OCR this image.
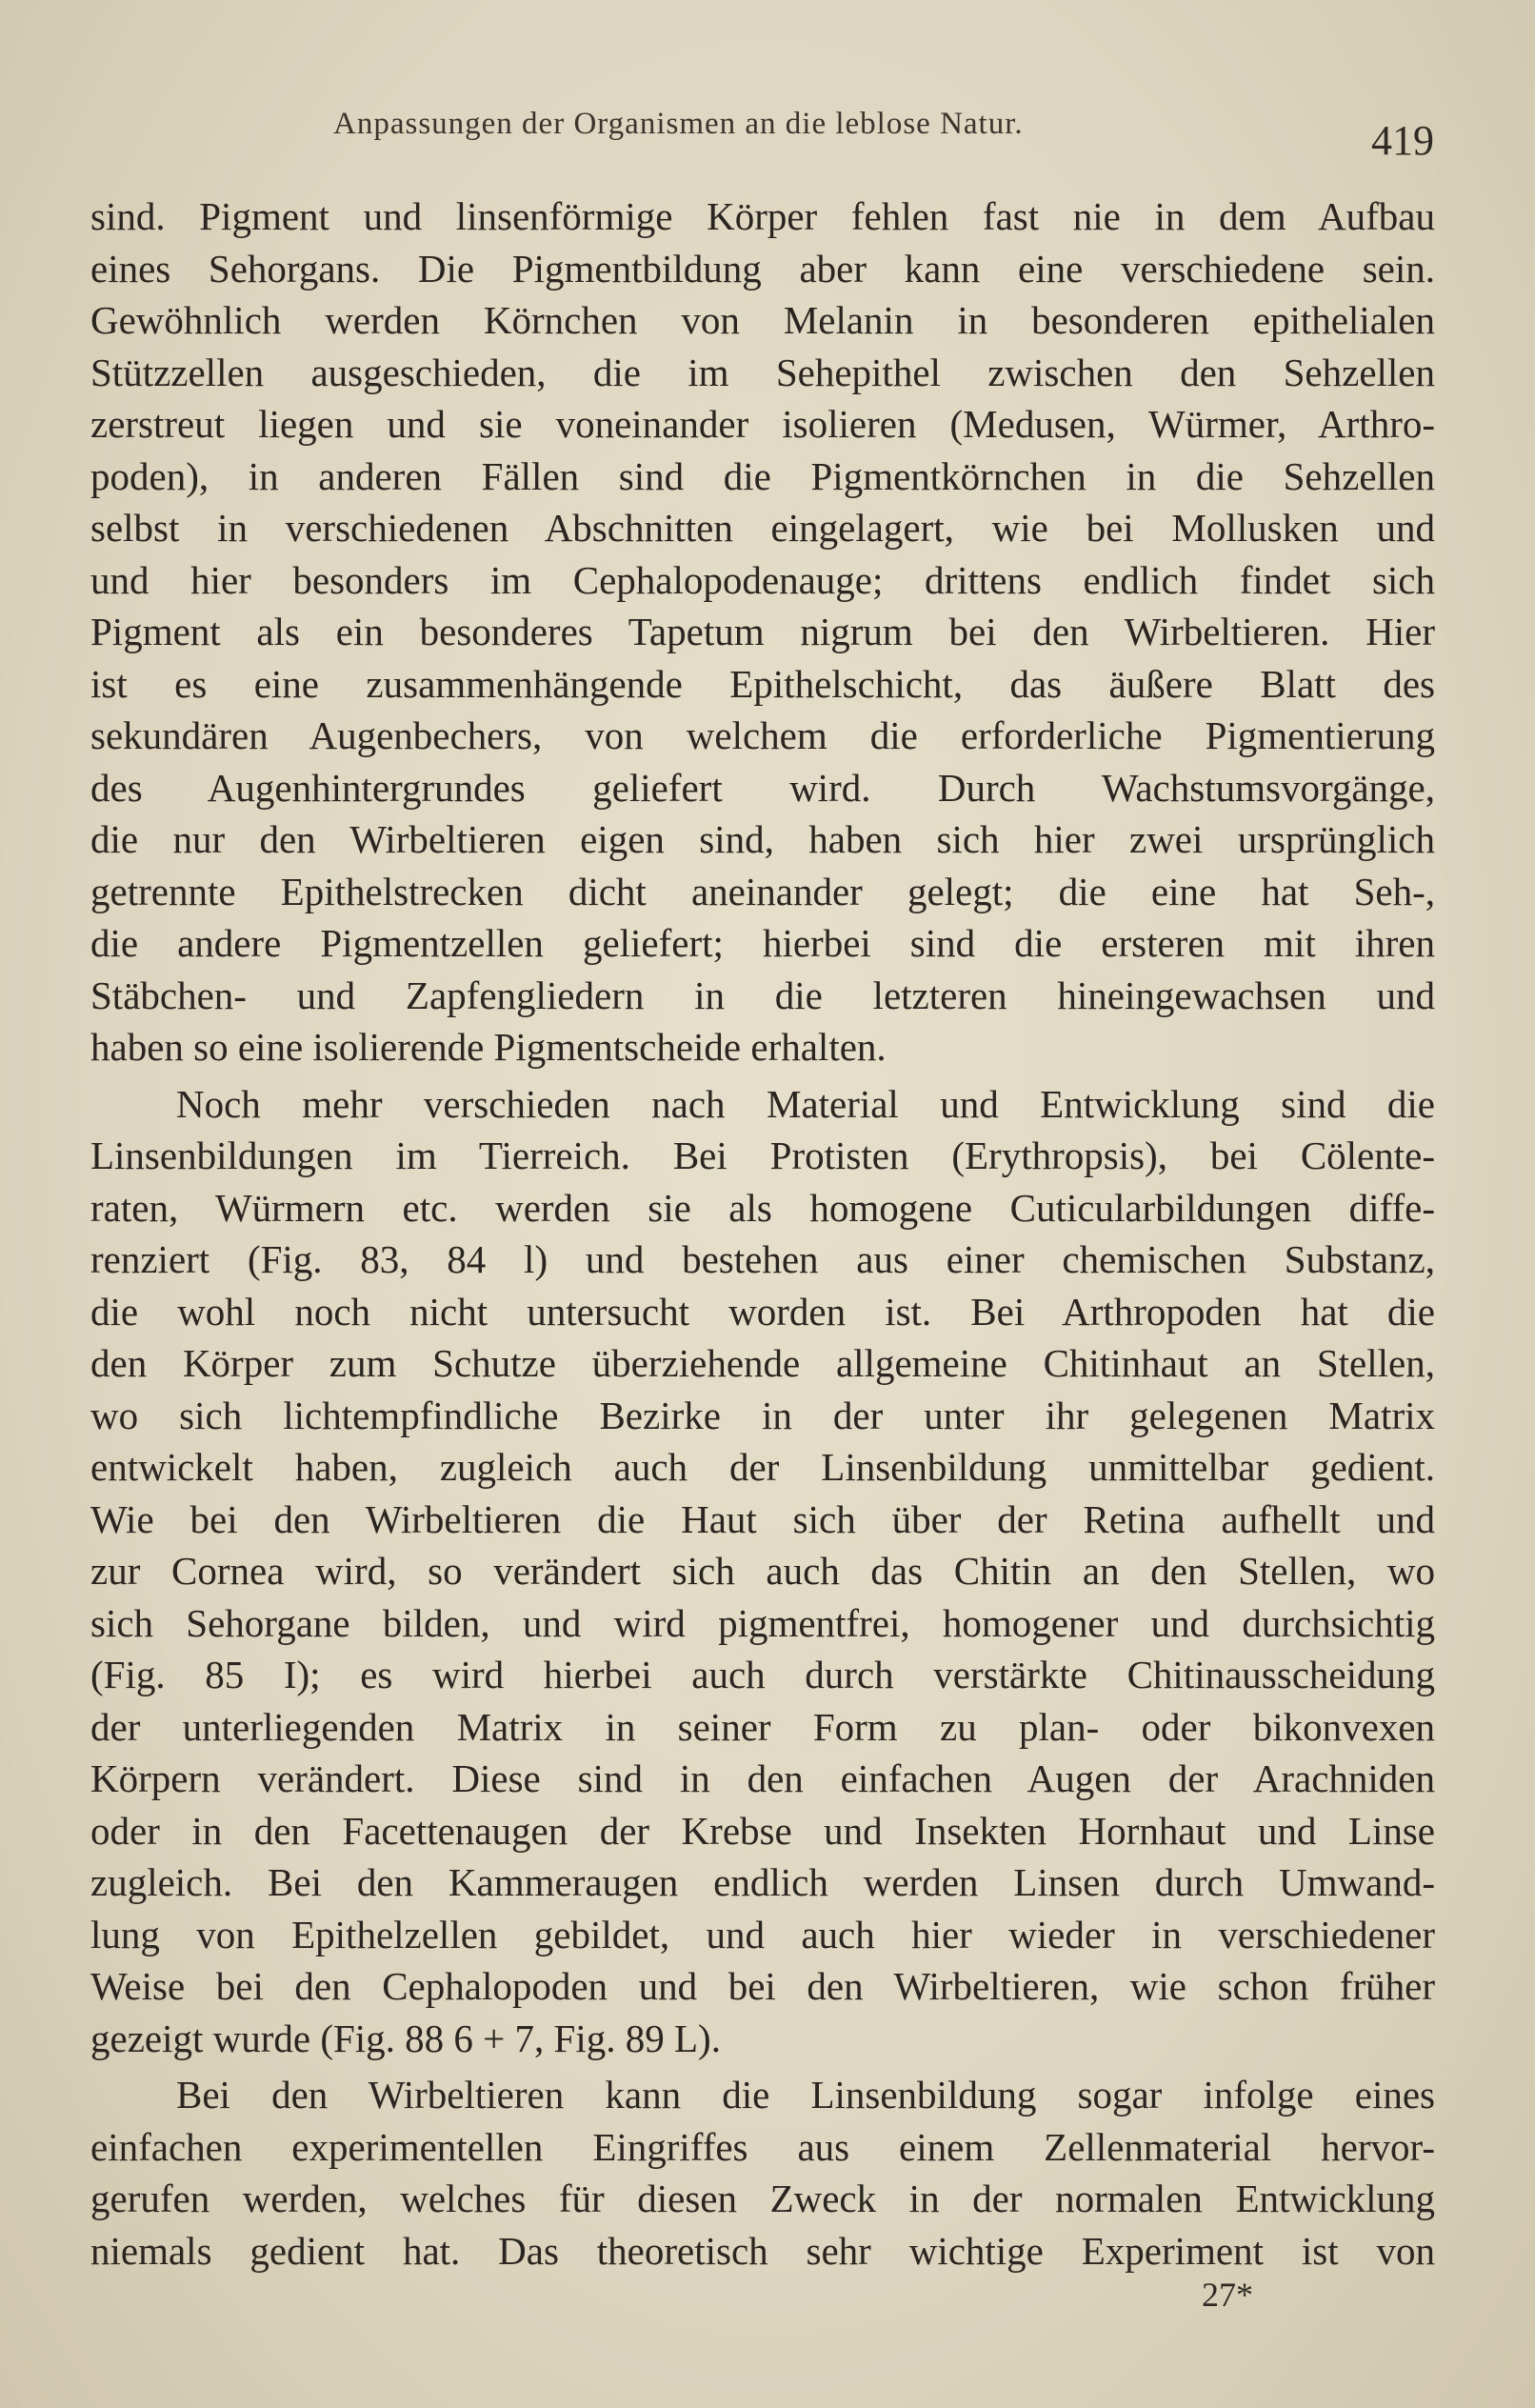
Anpassungen der Organismen an die leblose Natur.	419
sind. Pigment und linsenförmige Körper fehlen fast nie in dem Aufbau
eines Sehorgans. Die Pigmentbildung aber kann eine verschiedene sein.
Gewöhnlich werden Körnchen von Melanin in besonderen epithelialen
Stützzellen ausgeschieden, die im Sehepithel zwischen den Sehzellen
zerstreut liegen und sie voneinander isolieren (Medusen, Würmer, Arthro-
poden), in anderen Fällen sind die Pigmentkörnchen in die Sehzellen
selbst in verschiedenen Abschnitten eingelagert, wie bei Mollusken und
und hier besonders im Cephalopodenauge; drittens endlich findet sich
Pigment als ein besonderes Tapetum nigrum bei den Wirbeltieren. Hier
ist es eine zusammenhängende Epithelschicht, das äußere Blatt des
sekundären Augenbechers, von welchem die erforderliche Pigmentierung
des Augenhintergrundes geliefert wird. Durch Wachstumsvorgänge,
die nur den Wirbeltieren eigen sind, haben sich hier zwei ursprünglich
getrennte Epithelstrecken dicht aneinander gelegt; die eine hat Seh-,
die andere Pigmentzellen geliefert; hierbei sind die ersteren mit ihren
Stäbchen- und Zapfengliedern in die letzteren hineingewachsen und
haben so eine isolierende Pigmentscheide erhalten.
Noch mehr verschieden nach Material und Entwicklung sind die
Linsenbildungen im Tierreich. Bei Protisten (Erythropsis), bei Cölente-
raten, Würmern etc. werden sie als homogene Cuticularbildungen diffe-
renziert (Fig. 83, 84 l) und bestehen aus einer chemischen Substanz,
die wohl noch nicht untersucht worden ist. Bei Arthropoden hat die
den Körper zum Schutze überziehende allgemeine Chitinhaut an Stellen,
wo sich lichtempfindliche Bezirke in der unter ihr gelegenen Matrix
entwickelt haben, zugleich auch der Linsenbildung unmittelbar gedient.
Wie bei den Wirbeltieren die Haut sich über der Retina aufhellt und
zur Cornea wird, so verändert sich auch das Chitin an den Stellen, wo
sich Sehorgane bilden, und wird pigmentfrei, homogener und durchsichtig
(Fig. 85 I); es wird hierbei auch durch verstärkte Chitinausscheidung
der unterliegenden Matrix in seiner Form zu plan- oder bikonvexen
Körpern verändert. Diese sind in den einfachen Augen der Arachniden
oder in den Facettenaugen der Krebse und Insekten Hornhaut und Linse
zugleich. Bei den Kammeraugen endlich werden Linsen durch Umwand-
lung von Epithelzellen gebildet, und auch hier wieder in verschiedener
Weise bei den Cephalopoden und bei den Wirbeltieren, wie schon früher
gezeigt wurde (Fig. 88 6 + 7, Fig. 89 L).
Bei den Wirbeltieren kann die Linsenbildung sogar infolge eines
einfachen experimentellen Eingriffes aus einem Zellenmaterial hervor-
gerufen werden, welches für diesen Zweck in der normalen Entwicklung
niemals gedient hat. Das theoretisch sehr wichtige Experiment ist von
27*
